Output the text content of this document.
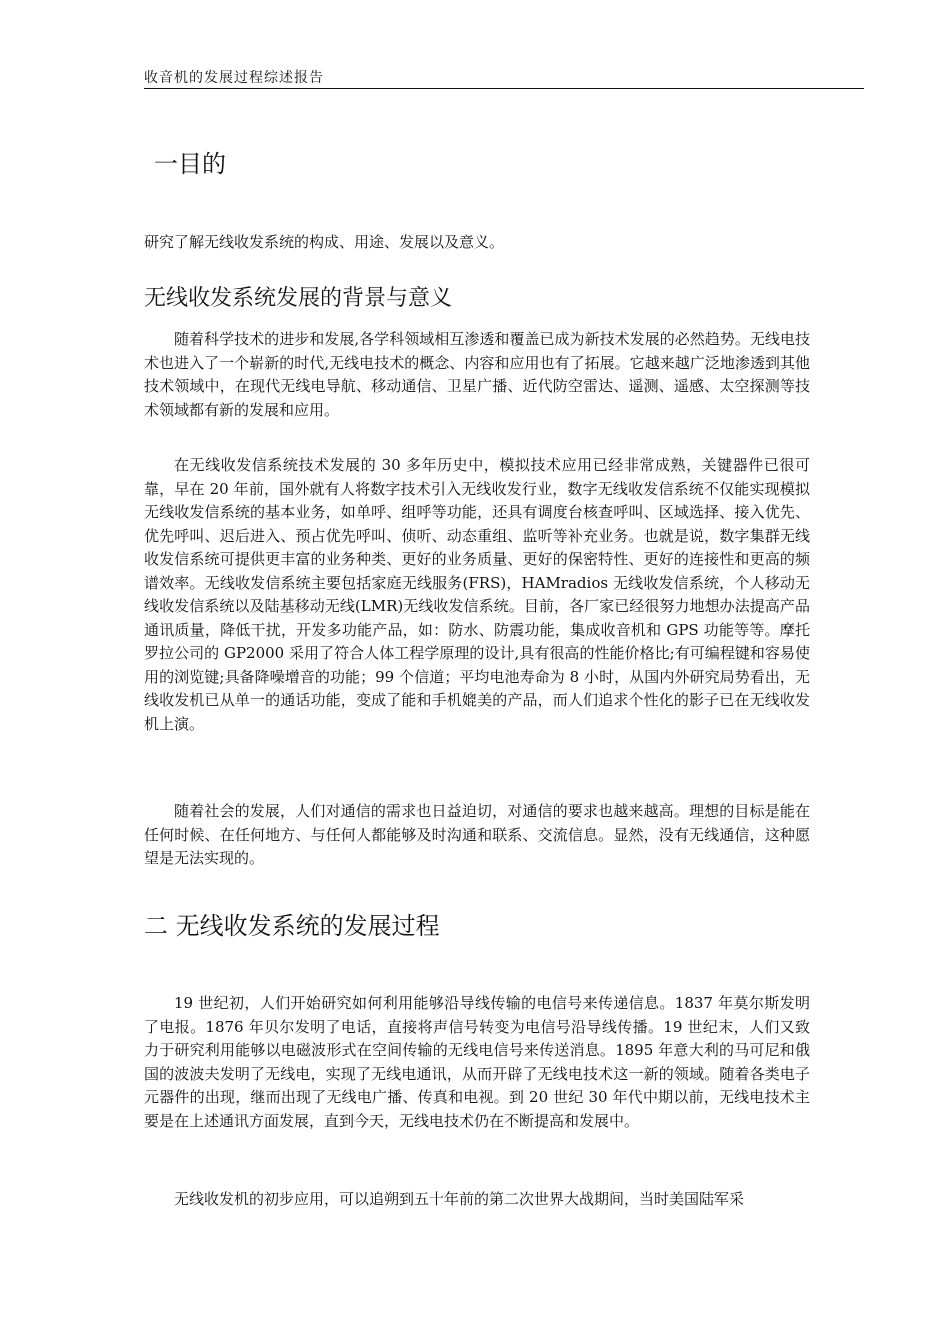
收音机的发展过程综述报告
一目的
研究了解无线收发系统的构成、用途、发展以及意义。
无线收发系统发展的背景与意义

随着科学技术的进步和发展,各学科领域相互渗透和覆盖已成为新技术发展的必然趋势。无线电技术也进入了一个崭新的时代,无线电技术的概念、内容和应用也有了拓展。它越来越广泛地渗透到其他技术领域中，在现代无线电导航、移动通信、卫星广播、近代防空雷达、遥测、遥感、太空探测等技术领域都有新的发展和应用。

在无线收发信系统技术发展的 30 多年历史中，模拟技术应用已经非常成熟，关键器件已很可靠，早在 20 年前，国外就有人将数字技术引入无线收发行业，数字无线收发信系统不仅能实现模拟无线收发信系统的基本业务，如单呼、组呼等功能，还具有调度台核查呼叫、区域选择、接入优先、优先呼叫、迟后进入、预占优先呼叫、侦听、动态重组、监听等补充业务。也就是说，数字集群无线收发信系统可提供更丰富的业务种类、更好的业务质量、更好的保密特性、更好的连接性和更高的频谱效率。无线收发信系统主要包括家庭无线服务(FRS)，HAMradios 无线收发信系统，个人移动无线收发信系统以及陆基移动无线(LMR)无线收发信系统。目前，各厂家已经很努力地想办法提高产品通讯质量，降低干扰，开发多功能产品，如：防水、防震功能，集成收音机和 GPS 功能等等。摩托罗拉公司的 GP2000 采用了符合人体工程学原理的设计,具有很高的性能价格比;有可编程键和容易使用的浏览键;具备降噪增音的功能；99 个信道；平均电池寿命为 8 小时，从国内外研究局势看出，无线收发机已从单一的通话功能，变成了能和手机媲美的产品，而人们追求个性化的影子已在无线收发机上演。

随着社会的发展，人们对通信的需求也日益迫切，对通信的要求也越来越高。理想的目标是能在任何时候、在任何地方、与任何人都能够及时沟通和联系、交流信息。显然，没有无线通信，这种愿望是无法实现的。

二 无线收发系统的发展过程

19 世纪初，人们开始研究如何利用能够沿导线传输的电信号来传递信息。1837 年莫尔斯发明了电报。1876 年贝尔发明了电话，直接将声信号转变为电信号沿导线传播。19 世纪末，人们又致力于研究利用能够以电磁波形式在空间传输的无线电信号来传送消息。1895 年意大利的马可尼和俄国的波波夫发明了无线电，实现了无线电通讯，从而开辟了无线电技术这一新的领域。随着各类电子元器件的出现，继而出现了无线电广播、传真和电视。到 20 世纪 30 年代中期以前，无线电技术主要是在上述通讯方面发展，直到今天，无线电技术仍在不断提高和发展中。

无线收发机的初步应用，可以追朔到五十年前的第二次世界大战期间，当时美国陆军采
